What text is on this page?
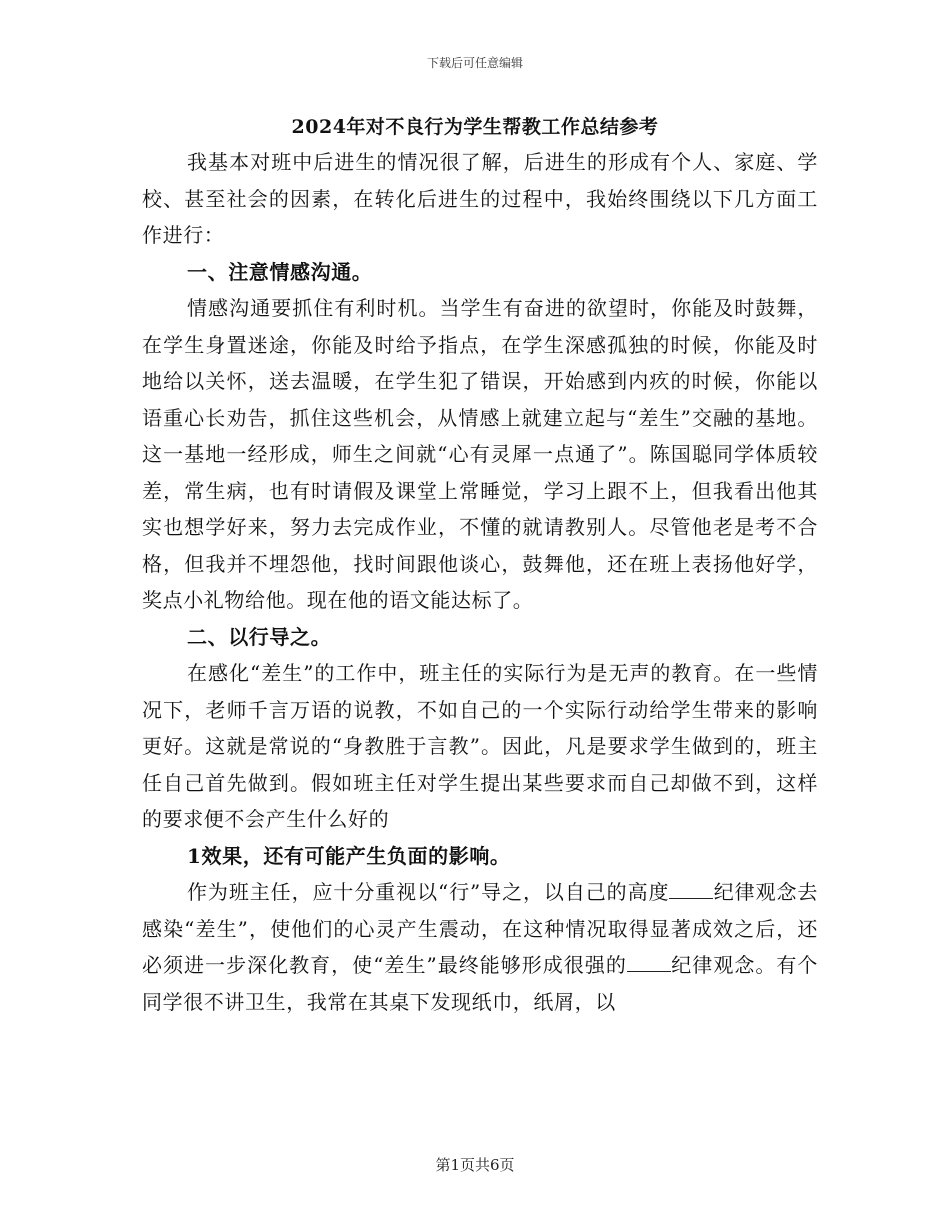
下载后可任意编辑
2024年对不良行为学生帮教工作总结参考

我基本对班中后进生的情况很了解，后进生的形成有个人、家庭、学校、甚至社会的因素，在转化后进生的过程中，我始终围绕以下几方面工作进行：

一、注意情感沟通。

情感沟通要抓住有利时机。当学生有奋进的欲望时，你能及时鼓舞，在学生身置迷途，你能及时给予指点，在学生深感孤独的时候，你能及时地给以关怀，送去温暖，在学生犯了错误，开始感到内疚的时候，你能以语重心长劝告，抓住这些机会，从情感上就建立起与“差生”交融的基地。这一基地一经形成，师生之间就“心有灵犀一点通了”。陈国聪同学体质较差，常生病，也有时请假及课堂上常睡觉，学习上跟不上，但我看出他其实也想学好来，努力去完成作业，不懂的就请教别人。尽管他老是考不合格，但我并不埋怨他，找时间跟他谈心，鼓舞他，还在班上表扬他好学，奖点小礼物给他。现在他的语文能达标了。

二、以行导之。

在感化“差生”的工作中，班主任的实际行为是无声的教育。在一些情况下，老师千言万语的说教，不如自己的一个实际行动给学生带来的影响更好。这就是常说的“身教胜于言教”。因此，凡是要求学生做到的，班主任自己首先做到。假如班主任对学生提出某些要求而自己却做不到，这样的要求便不会产生什么好的

1效果，还有可能产生负面的影响。

作为班主任，应十分重视以“行”导之，以自己的高度 纪律观念去感染“差生”，使他们的心灵产生震动，在这种情况取得显著成效之后，还必须进一步深化教育，使“差生”最终能够形成很强的 纪律观念。有个同学很不讲卫生，我常在其桌下发现纸巾，纸屑，以

第1页共6页
